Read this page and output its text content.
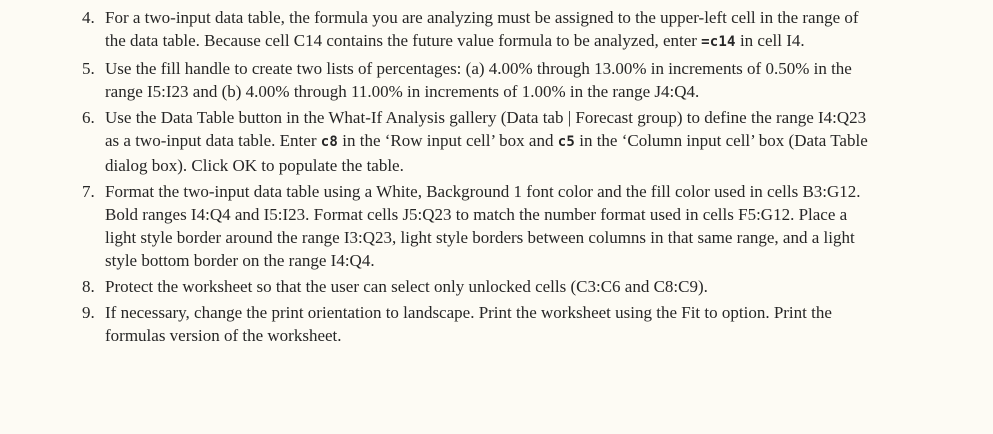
4. For a two-input data table, the formula you are analyzing must be assigned to the upper-left cell in the range of the data table. Because cell C14 contains the future value formula to be analyzed, enter =c14 in cell I4.
5. Use the fill handle to create two lists of percentages: (a) 4.00% through 13.00% in increments of 0.50% in the range I5:I23 and (b) 4.00% through 11.00% in increments of 1.00% in the range J4:Q4.
6. Use the Data Table button in the What-If Analysis gallery (Data tab | Forecast group) to define the range I4:Q23 as a two-input data table. Enter c8 in the ‘Row input cell’ box and c5 in the ‘Column input cell’ box (Data Table dialog box). Click OK to populate the table.
7. Format the two-input data table using a White, Background 1 font color and the fill color used in cells B3:G12. Bold ranges I4:Q4 and I5:I23. Format cells J5:Q23 to match the number format used in cells F5:G12. Place a light style border around the range I3:Q23, light style borders between columns in that same range, and a light style bottom border on the range I4:Q4.
8. Protect the worksheet so that the user can select only unlocked cells (C3:C6 and C8:C9).
9. If necessary, change the print orientation to landscape. Print the worksheet using the Fit to option. Print the formulas version of the worksheet.
